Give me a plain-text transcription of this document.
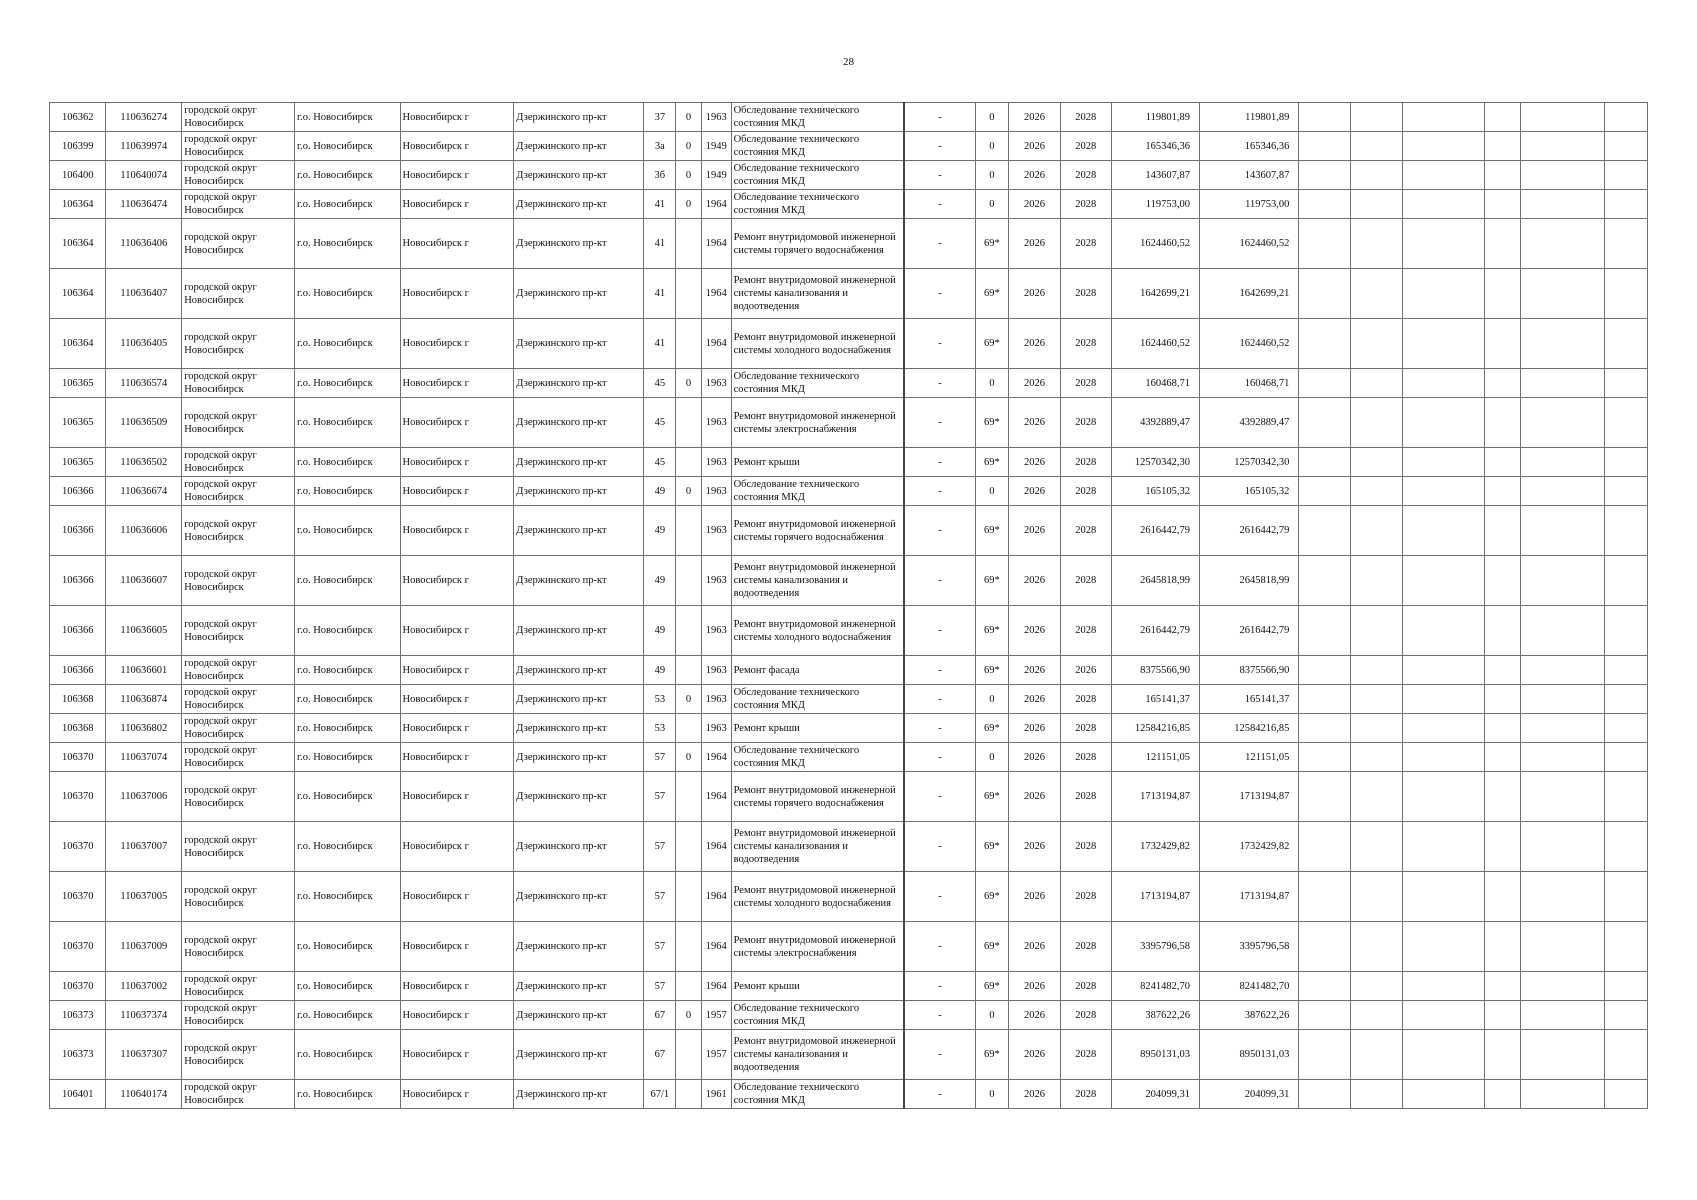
28
106362	110636274	городской округ Новосибирск	г.о. Новосибирск	Новосибирск г	Дзержинского пр-кт	37	0	1963	Обследование технического состояния МКД	-	0	2026	2028	119801,89	119801,89						
106399	110639974	городской округ Новосибирск	г.о. Новосибирск	Новосибирск г	Дзержинского пр-кт	3а	0	1949	Обследование технического состояния МКД	-	0	2026	2028	165346,36	165346,36						
106400	110640074	городской округ Новосибирск	г.о. Новосибирск	Новосибирск г	Дзержинского пр-кт	3б	0	1949	Обследование технического состояния МКД	-	0	2026	2028	143607,87	143607,87						
106364	110636474	городской округ Новосибирск	г.о. Новосибирск	Новосибирск г	Дзержинского пр-кт	41	0	1964	Обследование технического состояния МКД	-	0	2026	2028	119753,00	119753,00						
106364	110636406	городской округ Новосибирск	г.о. Новосибирск	Новосибирск г	Дзержинского пр-кт	41		1964	Ремонт внутридомовой инженерной системы горячего водоснабжения	-	69*	2026	2028	1624460,52	1624460,52						
106364	110636407	городской округ Новосибирск	г.о. Новосибирск	Новосибирск г	Дзержинского пр-кт	41		1964	Ремонт внутридомовой инженерной системы канализования и водоотведения	-	69*	2026	2028	1642699,21	1642699,21						
106364	110636405	городской округ Новосибирск	г.о. Новосибирск	Новосибирск г	Дзержинского пр-кт	41		1964	Ремонт внутридомовой инженерной системы холодного водоснабжения	-	69*	2026	2028	1624460,52	1624460,52						
106365	110636574	городской округ Новосибирск	г.о. Новосибирск	Новосибирск г	Дзержинского пр-кт	45	0	1963	Обследование технического состояния МКД	-	0	2026	2028	160468,71	160468,71						
106365	110636509	городской округ Новосибирск	г.о. Новосибирск	Новосибирск г	Дзержинского пр-кт	45		1963	Ремонт внутридомовой инженерной системы электроснабжения	-	69*	2026	2028	4392889,47	4392889,47						
106365	110636502	городской округ Новосибирск	г.о. Новосибирск	Новосибирск г	Дзержинского пр-кт	45		1963	Ремонт крыши	-	69*	2026	2028	12570342,30	12570342,30						
106366	110636674	городской округ Новосибирск	г.о. Новосибирск	Новосибирск г	Дзержинского пр-кт	49	0	1963	Обследование технического состояния МКД	-	0	2026	2028	165105,32	165105,32						
106366	110636606	городской округ Новосибирск	г.о. Новосибирск	Новосибирск г	Дзержинского пр-кт	49		1963	Ремонт внутридомовой инженерной системы горячего водоснабжения	-	69*	2026	2028	2616442,79	2616442,79						
106366	110636607	городской округ Новосибирск	г.о. Новосибирск	Новосибирск г	Дзержинского пр-кт	49		1963	Ремонт внутридомовой инженерной системы канализования и водоотведения	-	69*	2026	2028	2645818,99	2645818,99						
106366	110636605	городской округ Новосибирск	г.о. Новосибирск	Новосибирск г	Дзержинского пр-кт	49		1963	Ремонт внутридомовой инженерной системы холодного водоснабжения	-	69*	2026	2028	2616442,79	2616442,79						
106366	110636601	городской округ Новосибирск	г.о. Новосибирск	Новосибирск г	Дзержинского пр-кт	49		1963	Ремонт фасада	-	69*	2026	2026	8375566,90	8375566,90						
106368	110636874	городской округ Новосибирск	г.о. Новосибирск	Новосибирск г	Дзержинского пр-кт	53	0	1963	Обследование технического состояния МКД	-	0	2026	2028	165141,37	165141,37						
106368	110636802	городской округ Новосибирск	г.о. Новосибирск	Новосибирск г	Дзержинского пр-кт	53		1963	Ремонт крыши	-	69*	2026	2028	12584216,85	12584216,85						
106370	110637074	городской округ Новосибирск	г.о. Новосибирск	Новосибирск г	Дзержинского пр-кт	57	0	1964	Обследование технического состояния МКД	-	0	2026	2028	121151,05	121151,05						
106370	110637006	городской округ Новосибирск	г.о. Новосибирск	Новосибирск г	Дзержинского пр-кт	57		1964	Ремонт внутридомовой инженерной системы горячего водоснабжения	-	69*	2026	2028	1713194,87	1713194,87						
106370	110637007	городской округ Новосибирск	г.о. Новосибирск	Новосибирск г	Дзержинского пр-кт	57		1964	Ремонт внутридомовой инженерной системы канализования и водоотведения	-	69*	2026	2028	1732429,82	1732429,82						
106370	110637005	городской округ Новосибирск	г.о. Новосибирск	Новосибирск г	Дзержинского пр-кт	57		1964	Ремонт внутридомовой инженерной системы холодного водоснабжения	-	69*	2026	2028	1713194,87	1713194,87						
106370	110637009	городской округ Новосибирск	г.о. Новосибирск	Новосибирск г	Дзержинского пр-кт	57		1964	Ремонт внутридомовой инженерной системы электроснабжения	-	69*	2026	2028	3395796,58	3395796,58						
106370	110637002	городской округ Новосибирск	г.о. Новосибирск	Новосибирск г	Дзержинского пр-кт	57		1964	Ремонт крыши	-	69*	2026	2028	8241482,70	8241482,70						
106373	110637374	городской округ Новосибирск	г.о. Новосибирск	Новосибирск г	Дзержинского пр-кт	67	0	1957	Обследование технического состояния МКД	-	0	2026	2028	387622,26	387622,26						
106373	110637307	городской округ Новосибирск	г.о. Новосибирск	Новосибирск г	Дзержинского пр-кт	67		1957	Ремонт внутридомовой инженерной системы канализования и водоотведения	-	69*	2026	2028	8950131,03	8950131,03						
106401	110640174	городской округ Новосибирск	г.о. Новосибирск	Новосибирск г	Дзержинского пр-кт	67/1		1961	Обследование технического состояния МКД	-	0	2026	2028	204099,31	204099,31						
